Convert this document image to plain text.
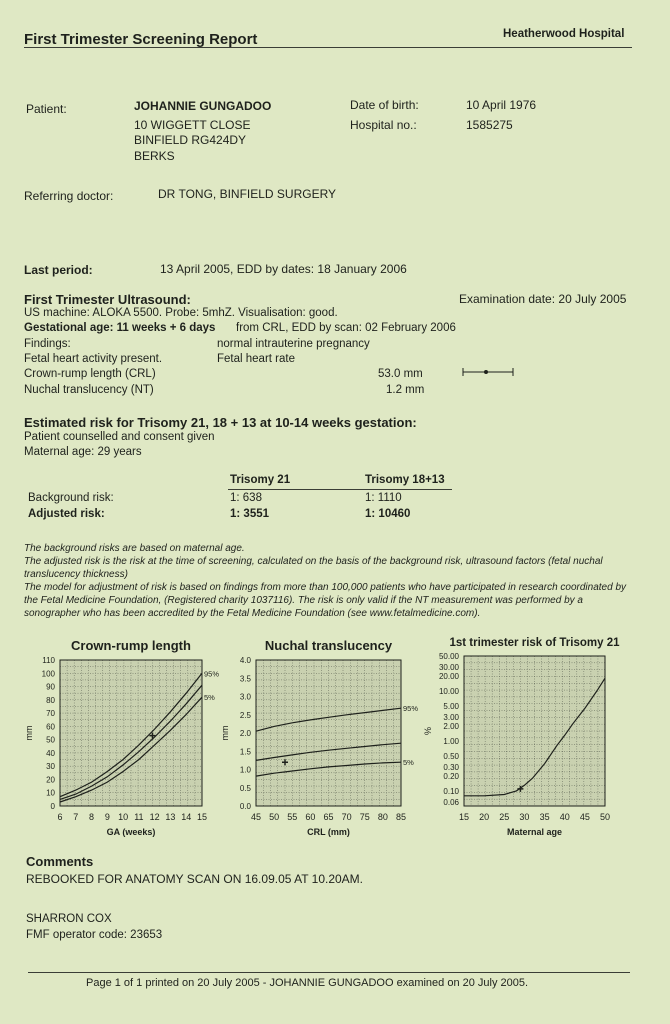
First Trimester Screening Report	Heatherwood Hospital
Patient:	JOHANNIE GUNGADOO
10 WIGGETT CLOSE
BINFIELD RG424DY
BERKS
Date of birth:	10 April 1976
Hospital no.:	1585275
Referring doctor:	DR TONG, BINFIELD SURGERY
Last period:	13 April 2005, EDD by dates: 18 January 2006
First Trimester Ultrasound:	Examination date: 20 July 2005
US machine: ALOKA 5500. Probe: 5mhZ. Visualisation: good.
Gestational age: 11 weeks + 6 days from CRL, EDD by scan: 02 February 2006
Findings:	normal intrauterine pregnancy
Fetal heart activity present.	Fetal heart rate
Crown-rump length (CRL)	53.0 mm
Nuchal translucency (NT)	1.2 mm
Estimated risk for Trisomy 21, 18 + 13 at 10-14 weeks gestation:
Patient counselled and consent given
Maternal age: 29 years
Trisomy 21	Trisomy 18+13
Background risk:	1: 638	1: 1110
Adjusted risk:	1: 3551	1: 10460
The background risks are based on maternal age.
The adjusted risk is the risk at the time of screening, calculated on the basis of the background risk, ultrasound factors (fetal nuchal translucency thickness)
The model for adjustment of risk is based on findings from more than 100,000 patients who have participated in research coordinated by the Fetal Medicine Foundation, (Registered charity 1037116). The risk is only valid if the NT measurement was performed by a sonographer who has been accredited by the Fetal Medicine Foundation (see www.fetalmedicine.com).
Crown-rump length
6 7 8 9 10 11 12 13 14 15
0
10
20
30
40
50
60
70
80
90
100
110
GA (weeks)
mm
95%
5%
Nuchal translucency
45 50 55 60 65 70 75 80 85
0.0
0.5
1.0
1.5
2.0
2.5
3.0
3.5
4.0
CRL (mm)
mm
95%
5%
1st trimester risk of Trisomy 21
15 20 25 30 35 40 45 50
0.06
0.10
0.20
0.30
0.50
1.00
2.00
3.00
5.00
10.00
20.00
30.00
50.00
Maternal age
%
Comments
REBOOKED FOR ANATOMY SCAN ON 16.09.05 AT 10.20AM.
SHARRON COX
FMF operator code: 23653
Page 1 of 1 printed on 20 July 2005 - JOHANNIE GUNGADOO examined on 20 July 2005.
